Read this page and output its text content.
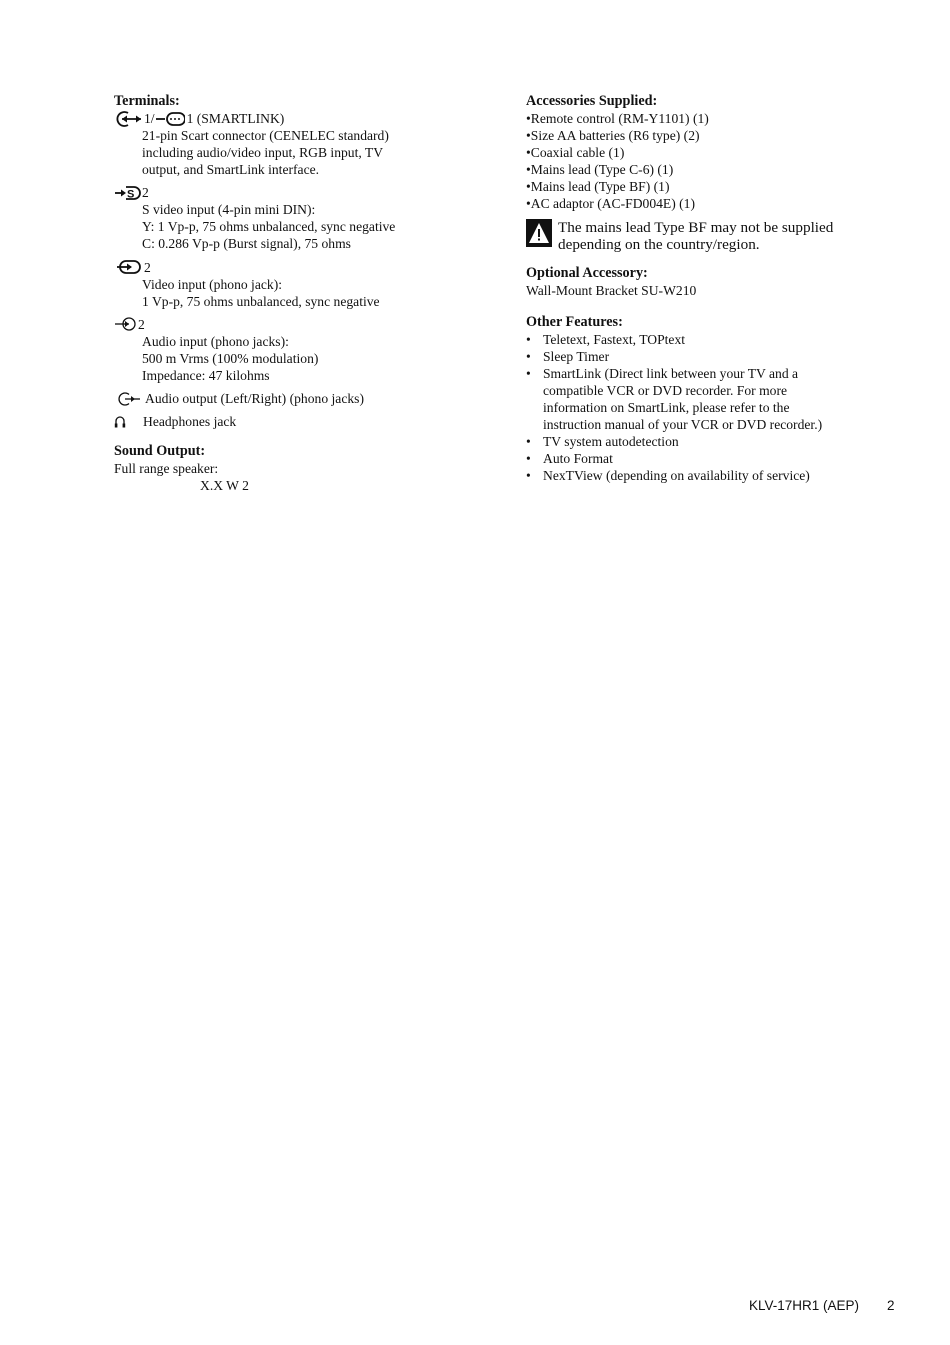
Terminals:
1/ 1 (SMARTLINK)
21-pin Scart connector (CENELEC standard)
including audio/video input, RGB input, TV
output, and SmartLink interface.
S 2
S video input (4-pin mini DIN):
Y: 1 Vp-p, 75 ohms unbalanced, sync negative
C: 0.286 Vp-p (Burst signal), 75 ohms
2
Video input (phono jack):
1 Vp-p, 75 ohms unbalanced, sync negative
2
Audio input (phono jacks):
500 m Vrms (100% modulation)
Impedance: 47 kilohms
Audio output (Left/Right) (phono jacks)
Headphones jack
Sound Output:
Full range speaker:
X.X W 2
Accessories Supplied:
• Remote control (RM-Y1101) (1)
• Size AA batteries (R6 type) (2)
• Coaxial cable (1)
• Mains lead (Type C-6) (1)
• Mains lead (Type BF) (1)
• AC adaptor (AC-FD004E) (1)
The mains lead Type BF may not be supplied depending on the country/region.
Optional Accessory:
Wall-Mount Bracket SU-W210
Other Features:
• Teletext, Fastext, TOPtext
• Sleep Timer
• SmartLink (Direct link between your TV and a compatible VCR or DVD recorder. For more information on SmartLink, please refer to the instruction manual of your VCR or DVD recorder.)
• TV system autodetection
• Auto Format
• NexTView (depending on availability of service)
KLV-17HR1 (AEP) 2
